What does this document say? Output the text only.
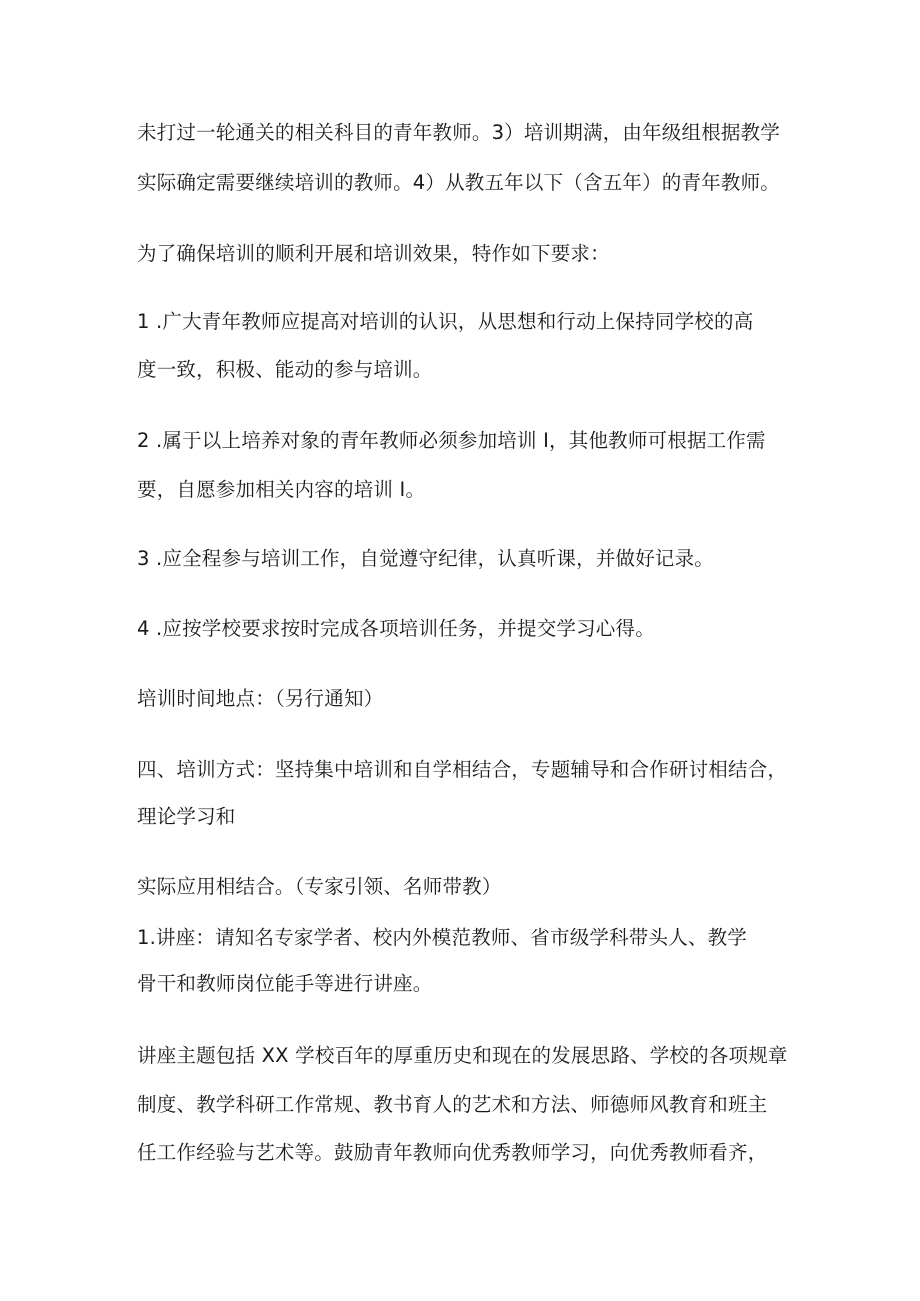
未打过一轮通关的相关科目的青年教师。3）培训期满，由年级组根据教学
实际确定需要继续培训的教师。4）从教五年以下（含五年）的青年教师。
为了确保培训的顺利开展和培训效果，特作如下要求：
1 .广大青年教师应提高对培训的认识，从思想和行动上保持同学校的高
度一致，积极、能动的参与培训。
2 .属于以上培养对象的青年教师必须参加培训 I，其他教师可根据工作需
要，自愿参加相关内容的培训 I。
3 .应全程参与培训工作，自觉遵守纪律，认真听课，并做好记录。
4 .应按学校要求按时完成各项培训任务，并提交学习心得。
培训时间地点：（另行通知）
四、培训方式：坚持集中培训和自学相结合，专题辅导和合作研讨相结合，
理论学习和
实际应用相结合。（专家引领、名师带教）
1.讲座：请知名专家学者、校内外模范教师、省市级学科带头人、教学
骨干和教师岗位能手等进行讲座。
讲座主题包括 XX 学校百年的厚重历史和现在的发展思路、学校的各项规章
制度、教学科研工作常规、教书育人的艺术和方法、师德师风教育和班主
任工作经验与艺术等。鼓励青年教师向优秀教师学习，向优秀教师看齐，
